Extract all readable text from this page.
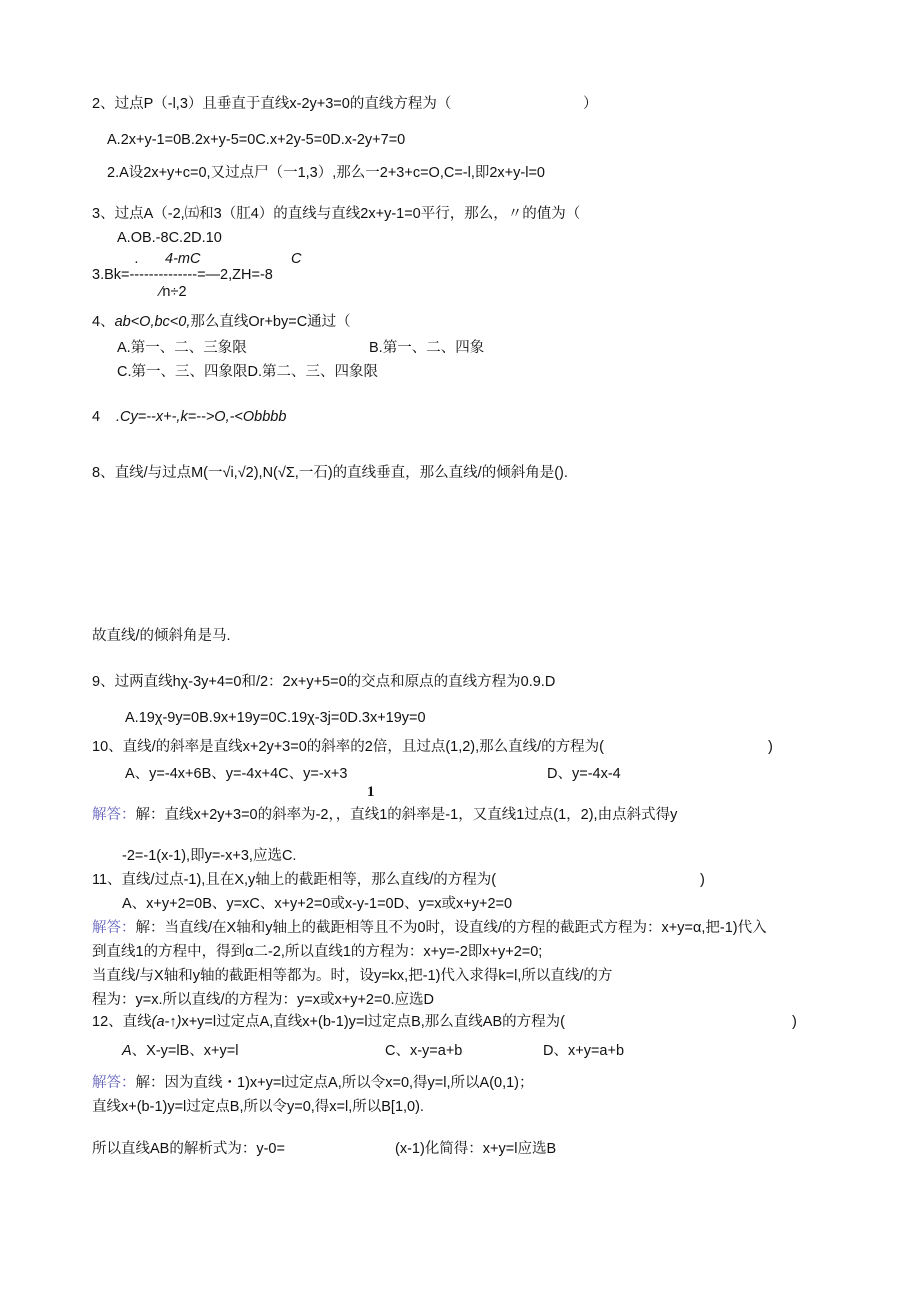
2、过点P（-l,3）且垂直于直线x-2y+3=0的直线方程为（	）
A.2x+y-1=0B.2x+y-5=0C.x+2y-5=0D.x-2y+7=0
2.A设2x+y+c=0,又过点尸（一1,3）,那么一2+3+c=O,C=-l,即2x+y-l=0
3、过点A（-2,㈤和3（肛4）的直线与直线2x+y-1=0平行，那么，〃的值为（
A.OB.-8C.2D.10
. 4-mC	C
3.Bk=--------------=—2,ZH=-8
∕n÷2
4、ab<O,bc<0,那么直线Or+by=C通过（
A.第一、二、三象限	B.第一、二、四象
C.第一、三、四象限D.第二、三、四象限
4 .Cy=--x+-,k=-->O,-<Obbbb
8、直线/与过点M(一√i,√2),N(√Σ,一石)的直线垂直，那么直线/的倾斜角是().
故直线/的倾斜角是马.
9、过两直线hχ-3y+4=0和/2：2x+y+5=0的交点和原点的直线方程为0.9.D
A.19χ-9y=0B.9x+19y=0C.19χ-3j=0D.3x+19y=0
10、直线/的斜率是直线x+2y+3=0的斜率的2倍，且过点(1,2),那么直线/的方程为(	)
A、y=-4x+6B、y=-4x+4C、y=-x+3	D、y=-4x-4
1
解答：解：直线x+2y+3=0的斜率为-2，，直线1的斜率是-1，又直线1过点(1，2),由点斜式得y
-2=-1(x-1),即y=-x+3,应选C.
11、直线/过点-1),且在X,y轴上的截距相等，那么直线/的方程为(	)
A、x+y+2=0B、y=xC、x+y+2=0或x-y-1=0D、y=x或x+y+2=0
解答：解：当直线/在X轴和y轴上的截距相等且不为0时，设直线/的方程的截距式方程为：x+y=α,把-1)代入
到直线1的方程中，得到α二-2,所以直线1的方程为：x+y=-2即x+y+2=0;
当直线/与X轴和y轴的截距相等都为。时，设y=kx,把-1)代入求得k=l,所以直线/的方
程为：y=x.所以直线/的方程为：y=x或x+y+2=0.应选D
12、直线(a-↑)x+y=l过定点A,直线x+(b-1)y=l过定点B,那么直线AB的方程为(	)
A、X-y=lB、x+y=l	C、x-y=a+b	D、x+y=a+b
解答：解：因为直线・1)x+y=l过定点A,所以令x=0,得y=l,所以A(0,1)；
直线x+(b-1)y=l过定点B,所以令y=0,得x=l,所以B[1,0).
所以直线AB的解析式为：y-0=	(x-1)化简得：x+y=l应选B
